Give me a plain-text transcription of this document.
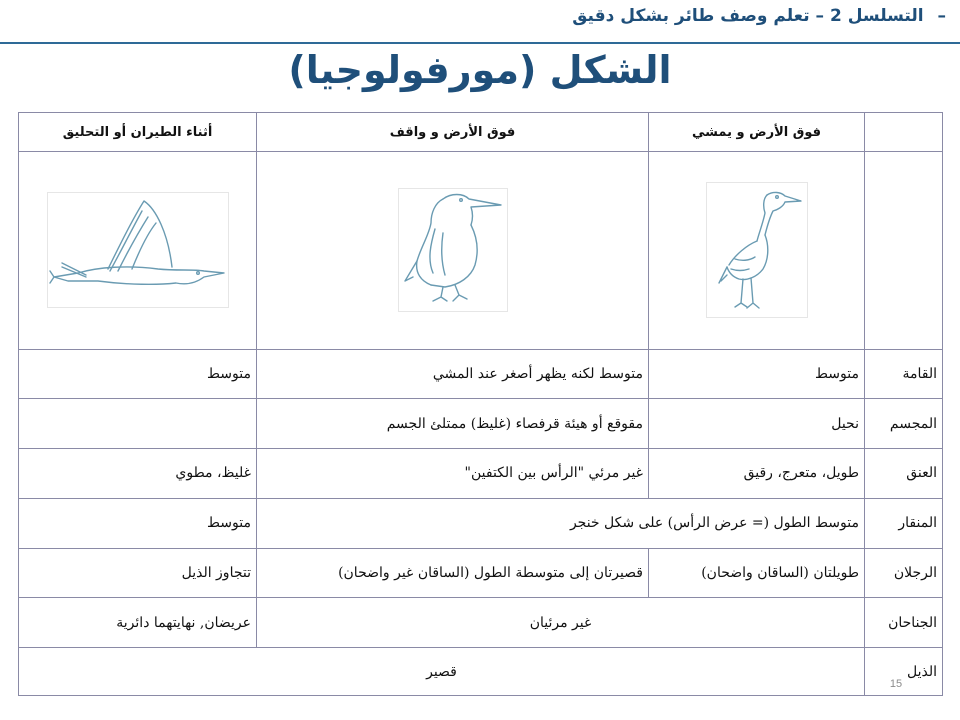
– التسلسل 2 – تعلم وصف طائر بشكل دقيق
الشكل (مورفولوجيا)
	فوق الأرض و يمشي	فوق الأرض و واقف	أثناء الطيران أو التحليق

القامة	متوسط	متوسط لكنه يظهر أصغر عند المشي	متوسط
المجسم	نحيل	مقوقع أو هيئة قرفصاء (غليظ) ممتلئ الجسم	
العنق	طويل، متعرج، رقيق	غير مرئي "الرأس بين الكتفين"	غليظ، مطوي
المنقار	متوسط الطول (= عرض الرأس) على شكل خنجر		متوسط
الرجلان	طويلتان (الساقان واضحان)	قصيرتان إلى متوسطة الطول (الساقان غير واضحان)	تتجاوز الذيل
الجناحان	غير مرئيان		عريضان, نهايتهما دائرية
الذيل	قصير		
15
